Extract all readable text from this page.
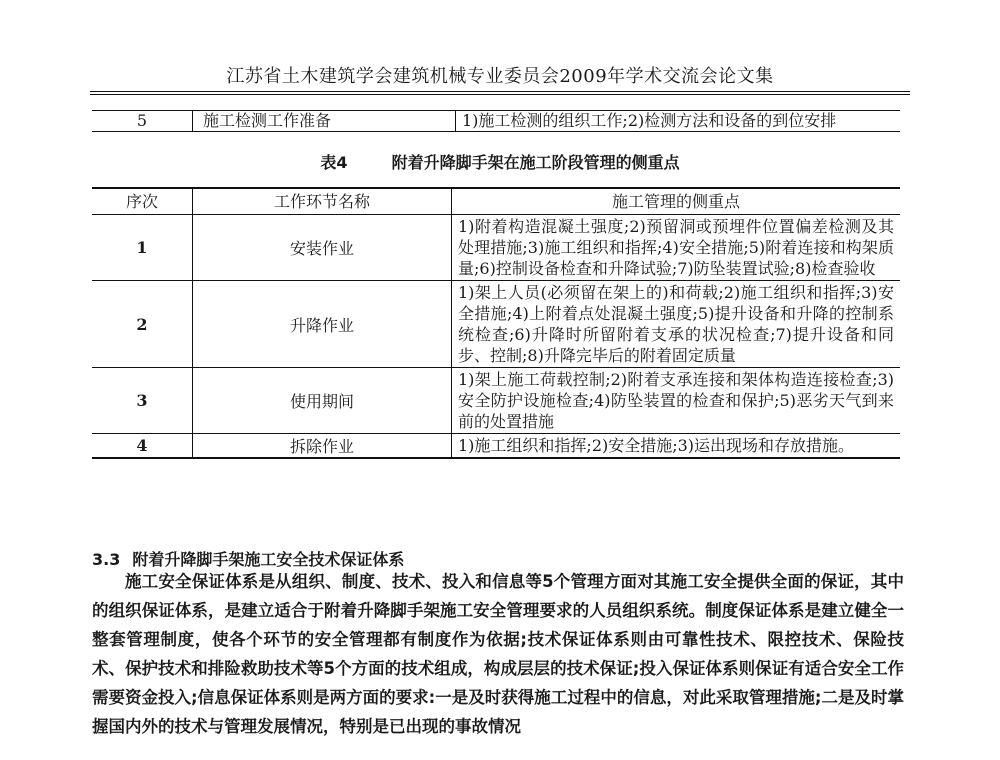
江苏省土木建筑学会建筑机械专业委员会2009年学术交流会论文集
5	施工检测工作准备	1)施工检测的组织工作;2)检测方法和设备的到位安排
表4	附着升降脚手架在施工阶段管理的侧重点
序次	工作环节名称	施工管理的侧重点
1	安装作业	1)附着构造混凝土强度;2)预留洞或预埋件位置偏差检测及其处理措施;3)施工组织和指挥;4)安全措施;5)附着连接和构架质量;6)控制设备检查和升降试验;7)防坠装置试验;8)检查验收
2	升降作业	1)架上人员(必须留在架上的)和荷载;2)施工组织和指挥;3)安全措施;4)上附着点处混凝土强度;5)提升设备和升降的控制系统检查;6)升降时所留附着支承的状况检查;7)提升设备和同步、控制;8)升降完毕后的附着固定质量
3	使用期间	1)架上施工荷载控制;2)附着支承连接和架体构造连接检查;3)安全防护设施检查;4)防坠装置的检查和保护;5)恶劣天气到来前的处置措施
4	拆除作业	1)施工组织和指挥;2)安全措施;3)运出现场和存放措施。
3.3 附着升降脚手架施工安全技术保证体系
施工安全保证体系是从组织、制度、技术、投入和信息等5个管理方面对其施工安全提供全面的保证，其中的组织保证体系，是建立适合于附着升降脚手架施工安全管理要求的人员组织系统。制度保证体系是建立健全一整套管理制度，使各个环节的安全管理都有制度作为依据;技术保证体系则由可靠性技术、限控技术、保险技术、保护技术和排险救助技术等5个方面的技术组成，构成层层的技术保证;投入保证体系则保证有适合安全工作需要资金投入;信息保证体系则是两方面的要求:一是及时获得施工过程中的信息，对此采取管理措施;二是及时掌握国内外的技术与管理发展情况，特别是已出现的事故情况
